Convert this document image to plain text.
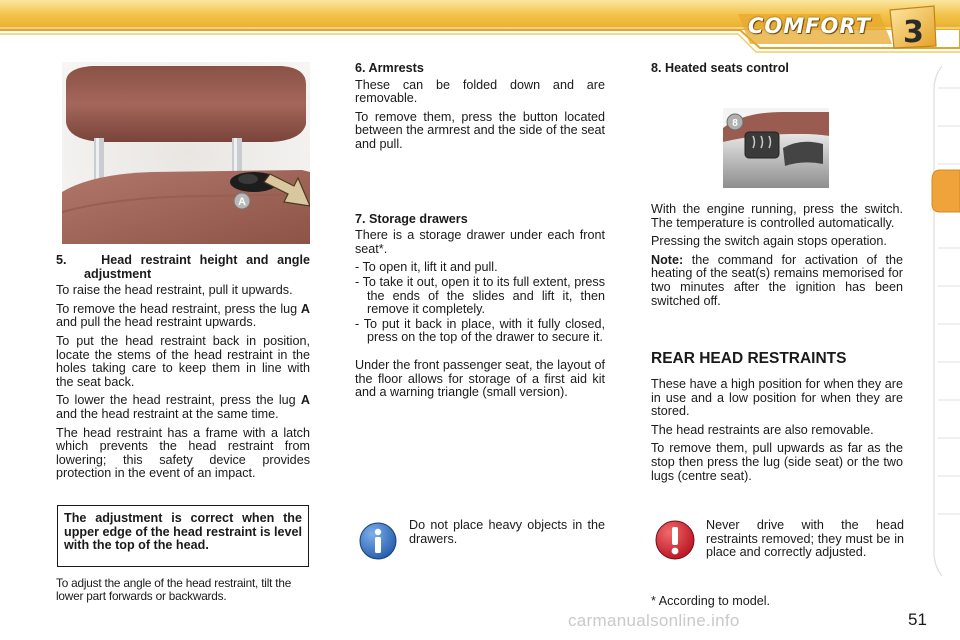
COMFORT 3
A

5.	Head restraint height and angle adjustment

To raise the head restraint, pull it upwards.

To remove the head restraint, press the lug A and pull the head restraint upwards.

To put the head restraint back in position, locate the stems of the head restraint in the holes taking care to keep them in line with the seat back.

To lower the head restraint, press the lug A and the head restraint at the same time.

The head restraint has a frame with a latch which prevents the head restraint from lowering; this safety device provides protection in the event of an impact.

The adjustment is correct when the upper edge of the head restraint is level with the top of the head.
To adjust the angle of the head restraint, tilt the lower part forwards or backwards.

6. Armrests

These can be folded down and are removable.

To remove them, press the button located between the armrest and the side of the seat and pull.

7. Storage drawers

There is a storage drawer under each front seat*.

- To open it, lift it and pull.
- To take it out, open it to its full extent, press the ends of the slides and lift it, then remove it completely.
- To put it back in place, with it fully closed, press on the top of the drawer to secure it.

Under the front passenger seat, the layout of the floor allows for storage of a first aid kit and a warning triangle (small version).

Do not place heavy objects in the drawers.

8. Heated seats control

8

With the engine running, press the switch. The temperature is controlled automatically.

Pressing the switch again stops operation.

Note: the command for activation of the heating of the seat(s) remains memorised for two minutes after the ignition has been switched off.

REAR HEAD RESTRAINTS

These have a high position for when they are in use and a low position for when they are stored.

The head restraints are also removable.

To remove them, pull upwards as far as the stop then press the lug (side seat) or the two lugs (centre seat).

Never drive with the head restraints removed; they must be in place and correctly adjusted.
* According to model.
carmanualsonline.info	51
